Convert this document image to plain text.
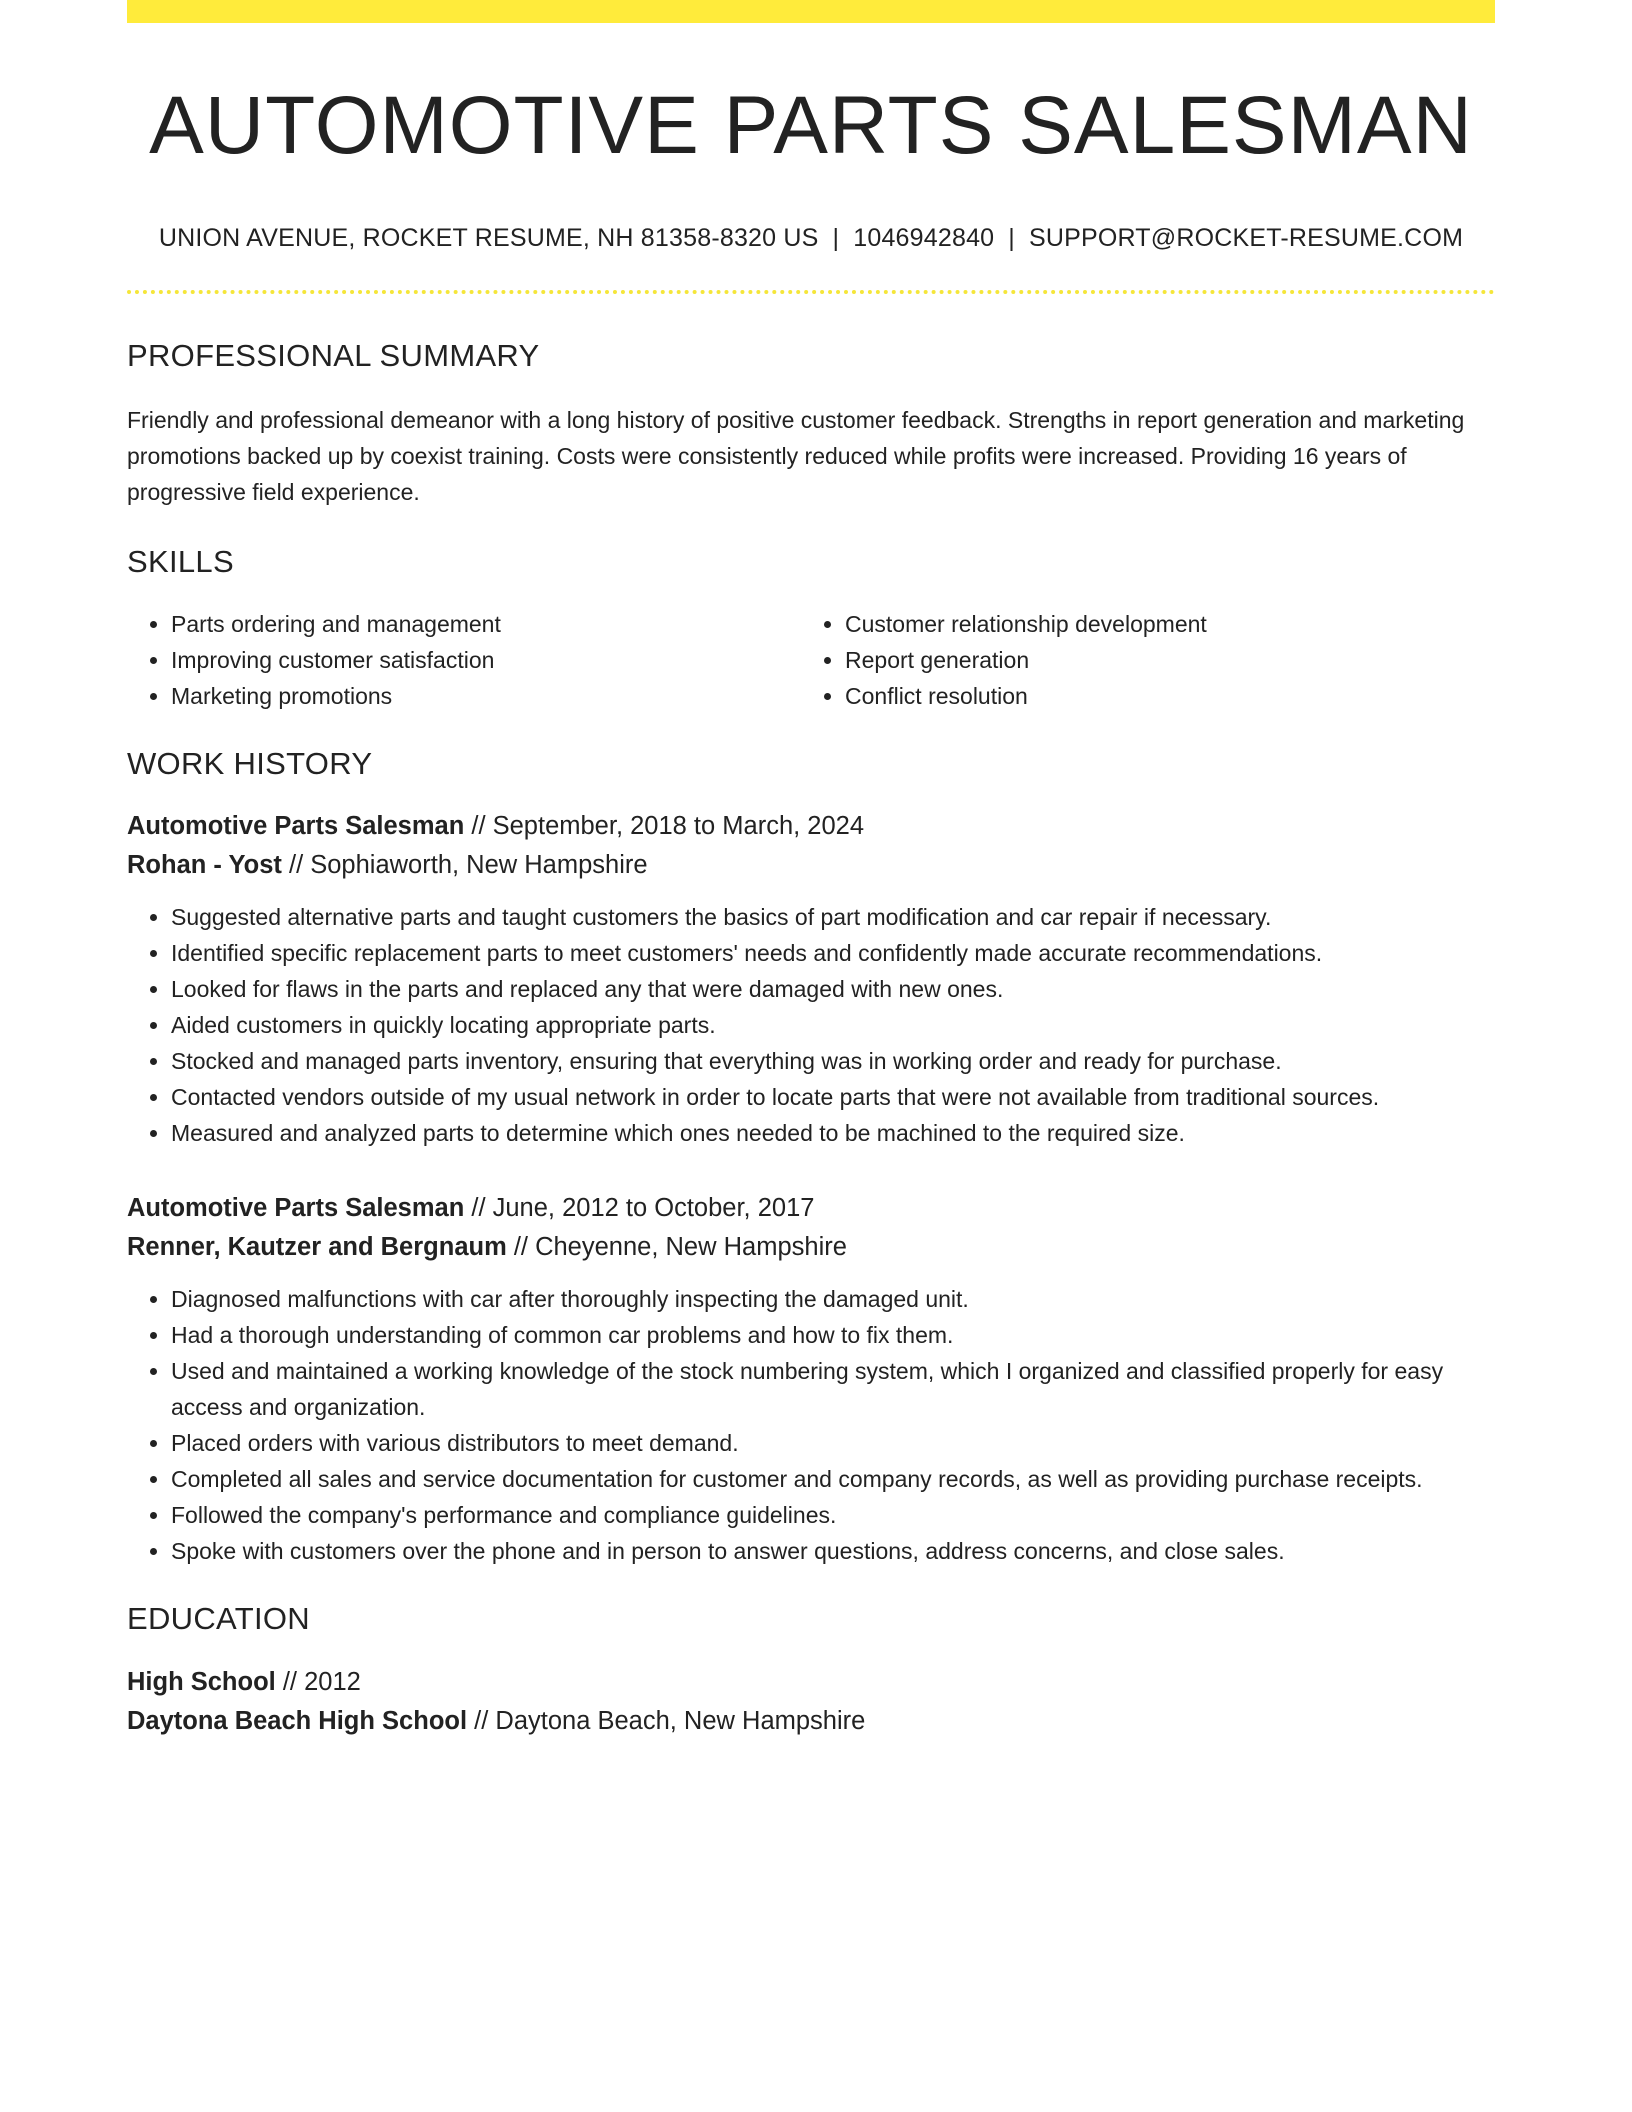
AUTOMOTIVE PARTS SALESMAN
UNION AVENUE, ROCKET RESUME, NH 81358-8320 US | 1046942840 | SUPPORT@ROCKET-RESUME.COM
PROFESSIONAL SUMMARY

Friendly and professional demeanor with a long history of positive customer feedback. Strengths in report generation and marketing promotions backed up by coexist training. Costs were consistently reduced while profits were increased. Providing 16 years of progressive field experience.

SKILLS
• Parts ordering and management
• Improving customer satisfaction
• Marketing promotions
• Customer relationship development
• Report generation
• Conflict resolution
WORK HISTORY
Automotive Parts Salesman // September, 2018 to March, 2024
Rohan - Yost // Sophiaworth, New Hampshire
• Suggested alternative parts and taught customers the basics of part modification and car repair if necessary.
• Identified specific replacement parts to meet customers' needs and confidently made accurate recommendations.
• Looked for flaws in the parts and replaced any that were damaged with new ones.
• Aided customers in quickly locating appropriate parts.
• Stocked and managed parts inventory, ensuring that everything was in working order and ready for purchase.
• Contacted vendors outside of my usual network in order to locate parts that were not available from traditional sources.
• Measured and analyzed parts to determine which ones needed to be machined to the required size.
Automotive Parts Salesman // June, 2012 to October, 2017
Renner, Kautzer and Bergnaum // Cheyenne, New Hampshire
• Diagnosed malfunctions with car after thoroughly inspecting the damaged unit.
• Had a thorough understanding of common car problems and how to fix them.
• Used and maintained a working knowledge of the stock numbering system, which I organized and classified properly for easy access and organization.
• Placed orders with various distributors to meet demand.
• Completed all sales and service documentation for customer and company records, as well as providing purchase receipts.
• Followed the company's performance and compliance guidelines.
• Spoke with customers over the phone and in person to answer questions, address concerns, and close sales.
EDUCATION
High School // 2012
Daytona Beach High School // Daytona Beach, New Hampshire
